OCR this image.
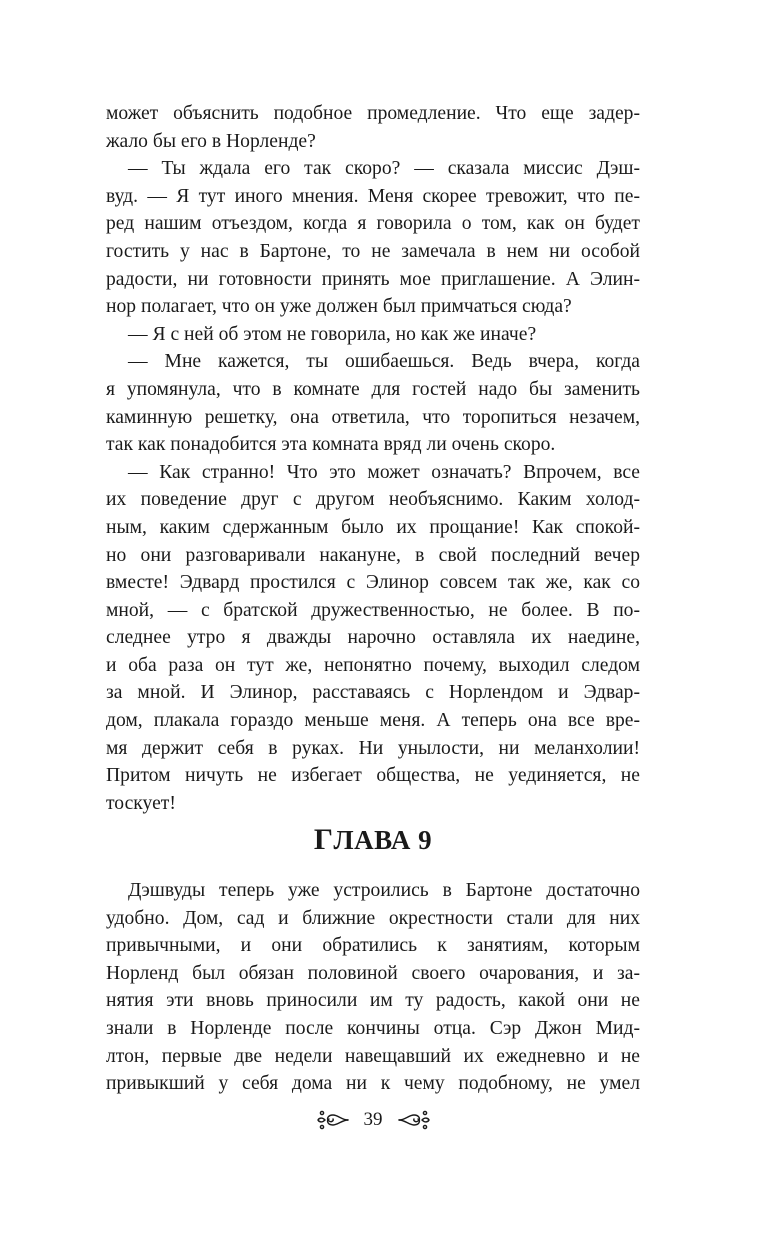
может объяснить подобное промедление. Что еще задер-
жало бы его в Норленде?
— Ты ждала его так скоро? — сказала миссис Дэш-
вуд. — Я тут иного мнения. Меня скорее тревожит, что пе-
ред нашим отъездом, когда я говорила о том, как он будет
гостить у нас в Бартоне, то не замечала в нем ни особой
радости, ни готовности принять мое приглашение. А Элин-
нор полагает, что он уже должен был примчаться сюда?
— Я с ней об этом не говорила, но как же иначе?
— Мне кажется, ты ошибаешься. Ведь вчера, когда
я упомянула, что в комнате для гостей надо бы заменить
каминную решетку, она ответила, что торопиться незачем,
так как понадобится эта комната вряд ли очень скоро.
— Как странно! Что это может означать? Впрочем, все
их поведение друг с другом необъяснимо. Каким холод-
ным, каким сдержанным было их прощание! Как спокой-
но они разговаривали накануне, в свой последний вечер
вместе! Эдвард простился с Элинор совсем так же, как со
мной, — с братской дружественностью, не более. В по-
следнее утро я дважды нарочно оставляла их наедине,
и оба раза он тут же, непонятно почему, выходил следом
за мной. И Элинор, расставаясь с Норлендом и Эдвар-
дом, плакала гораздо меньше меня. А теперь она все вре-
мя держит себя в руках. Ни унылости, ни меланхолии!
Притом ничуть не избегает общества, не уединяется, не
тоскует!
ГЛАВА 9
Дэшвуды теперь уже устроились в Бартоне достаточно
удобно. Дом, сад и ближние окрестности стали для них
привычными, и они обратились к занятиям, которым
Норленд был обязан половиной своего очарования, и за-
нятия эти вновь приносили им ту радость, какой они не
знали в Норленде после кончины отца. Сэр Джон Мид-
лтон, первые две недели навещавший их ежедневно и не
привыкший у себя дома ни к чему подобному, не умел
39
